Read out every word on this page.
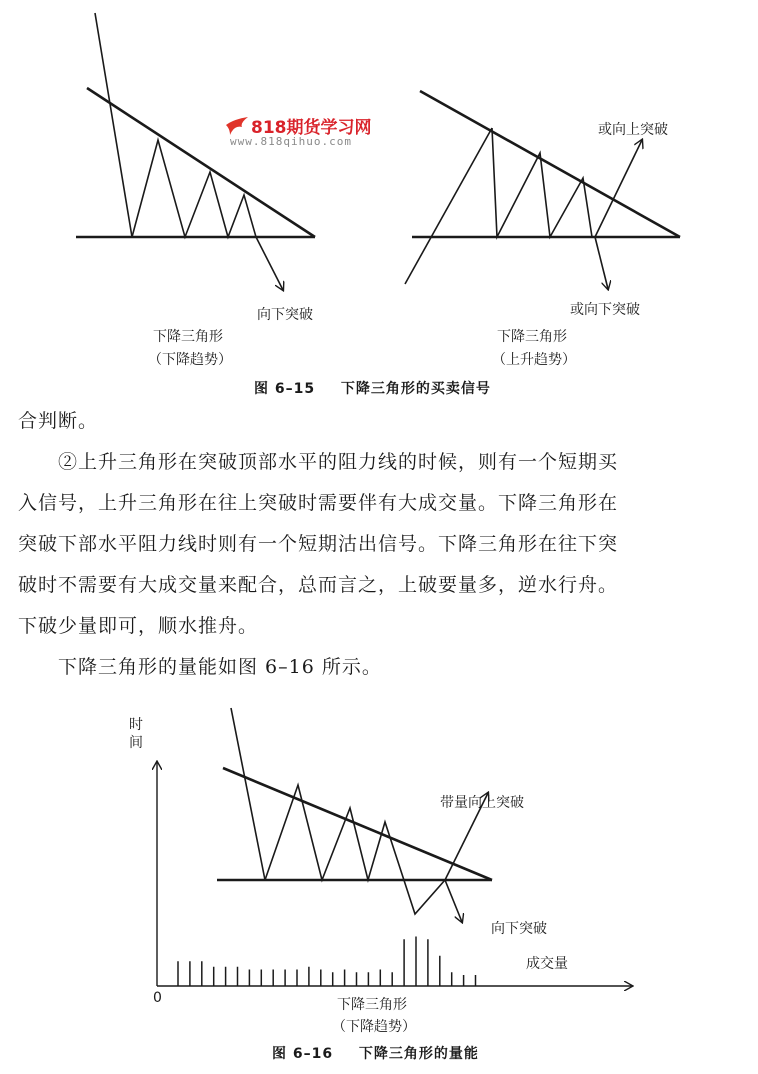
818期货学习网
www.818qihuo.com
向下突破
下降三角形
（下降趋势）
或向上突破
或向下突破
下降三角形
（上升趋势）
图 6–15 下降三角形的买卖信号
合判断。
②上升三角形在突破顶部水平的阻力线的时候，则有一个短期买
入信号，上升三角形在往上突破时需要伴有大成交量。下降三角形在
突破下部水平阻力线时则有一个短期沽出信号。下降三角形在往下突
破时不需要有大成交量来配合，总而言之，上破要量多，逆水行舟。
下破少量即可，顺水推舟。
下降三角形的量能如图 6–16 所示。
时间
0
带量向上突破
向下突破
成交量
下降三角形
（下降趋势）
图 6–16 下降三角形的量能
